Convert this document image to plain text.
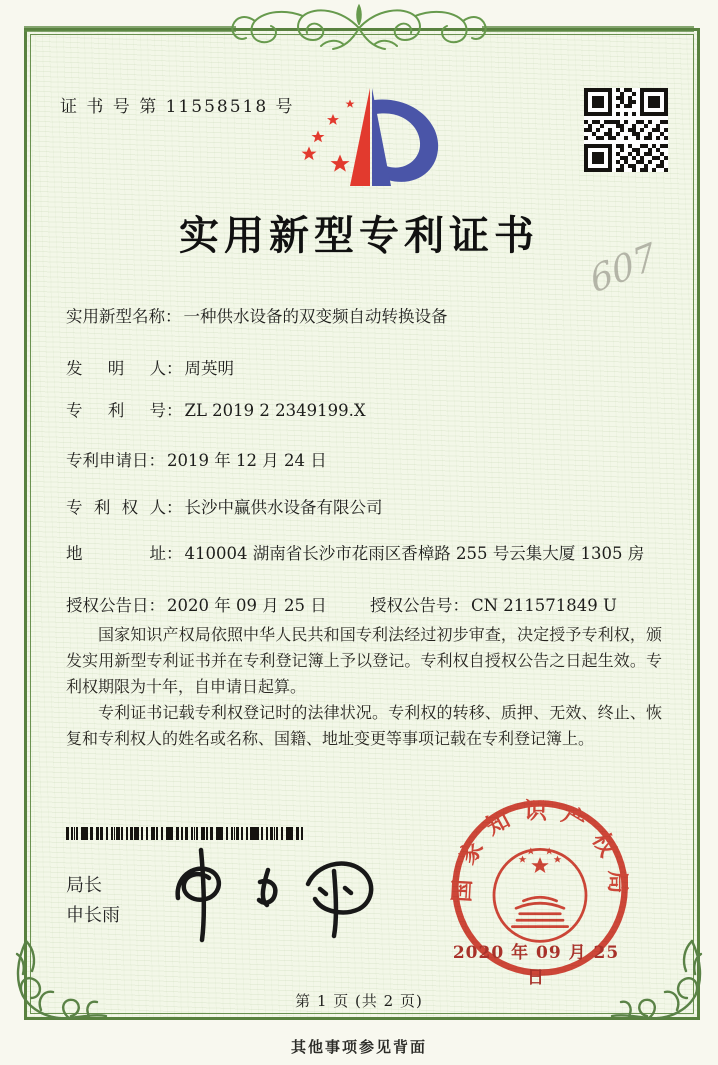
证 书 号 第 11558518 号
实用新型专利证书
607
实用新型名称： 一种供水设备的双变频自动转换设备
发明人： 周英明
专利号： ZL 2019 2 2349199.X
专利申请日： 2019 年 12 月 24 日
专利权人： 长沙中赢供水设备有限公司
地址： 410004 湖南省长沙市花雨区香樟路 255 号云集大厦 1305 房
授权公告日： 2020 年 09 月 25 日	授权公告号： CN 211571849 U

国家知识产权局依照中华人民共和国专利法经过初步审查，决定授予专利权，颁发实用新型专利证书并在专利登记簿上予以登记。专利权自授权公告之日起生效。专利权期限为十年，自申请日起算。

专利证书记载专利权登记时的法律状况。专利权的转移、质押、无效、终止、恢复和专利权人的姓名或名称、国籍、地址变更等事项记载在专利登记簿上。

局长
申长雨
国家知识产权局
2020 年 09 月 25 日
第 1 页 (共 2 页)
其他事项参见背面
